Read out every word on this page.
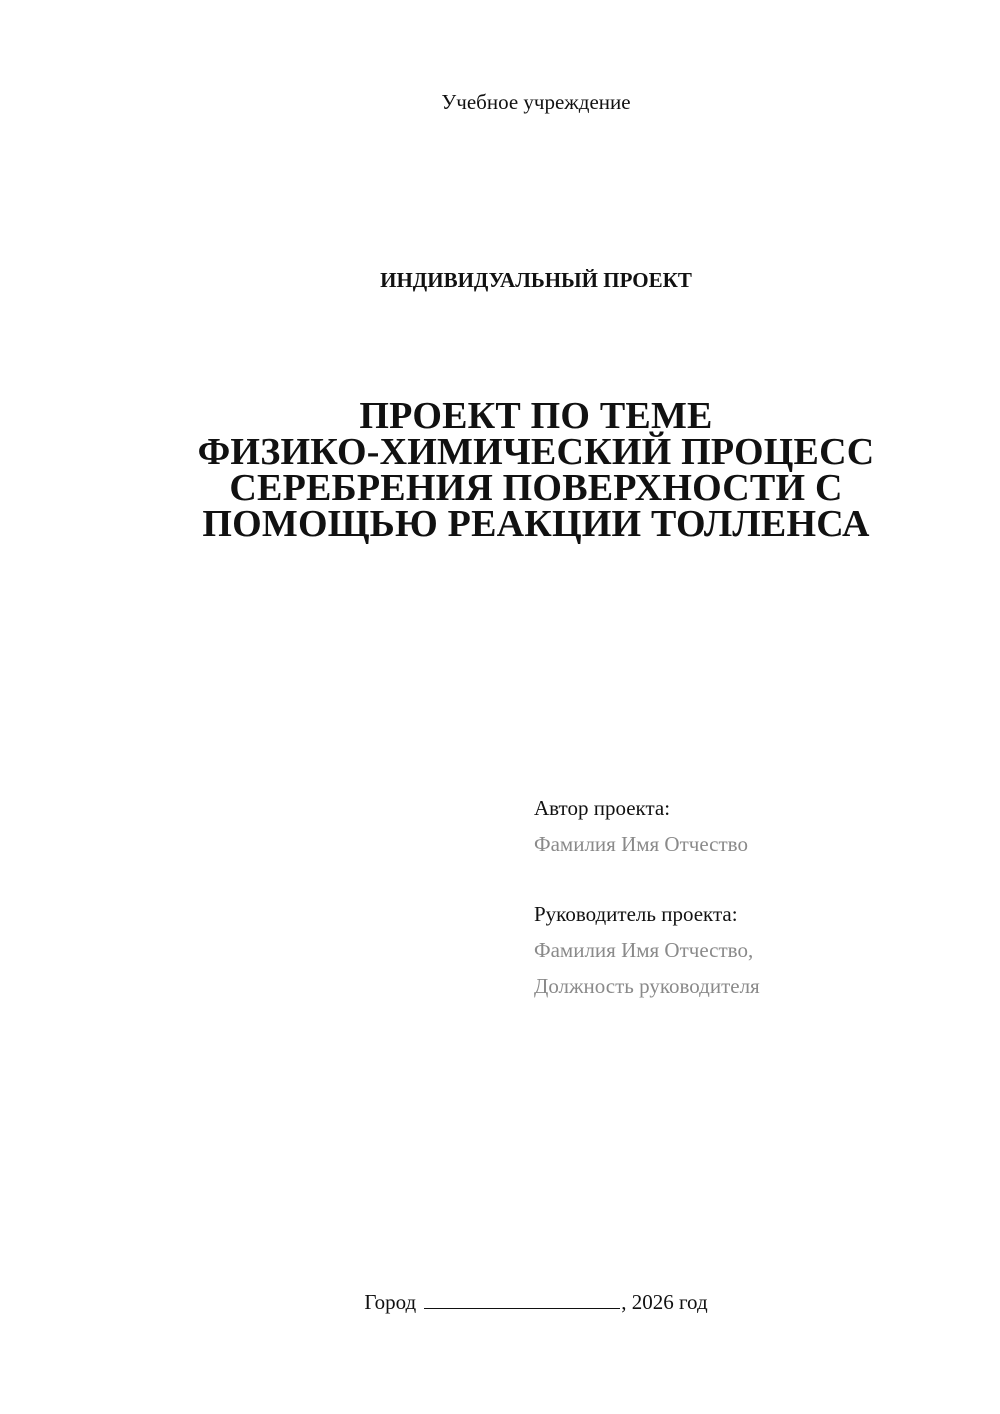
Учебное учреждение
ИНДИВИДУАЛЬНЫЙ ПРОЕКТ
ПРОЕКТ ПО ТЕМЕ
ФИЗИКО-ХИМИЧЕСКИЙ ПРОЦЕСС
СЕРЕБРЕНИЯ ПОВЕРХНОСТИ С
ПОМОЩЬЮ РЕАКЦИИ ТОЛЛЕНСА
Автор проекта:
Фамилия Имя Отчество
Руководитель проекта:
Фамилия Имя Отчество,
Должность руководителя
Город	, 2026 год
